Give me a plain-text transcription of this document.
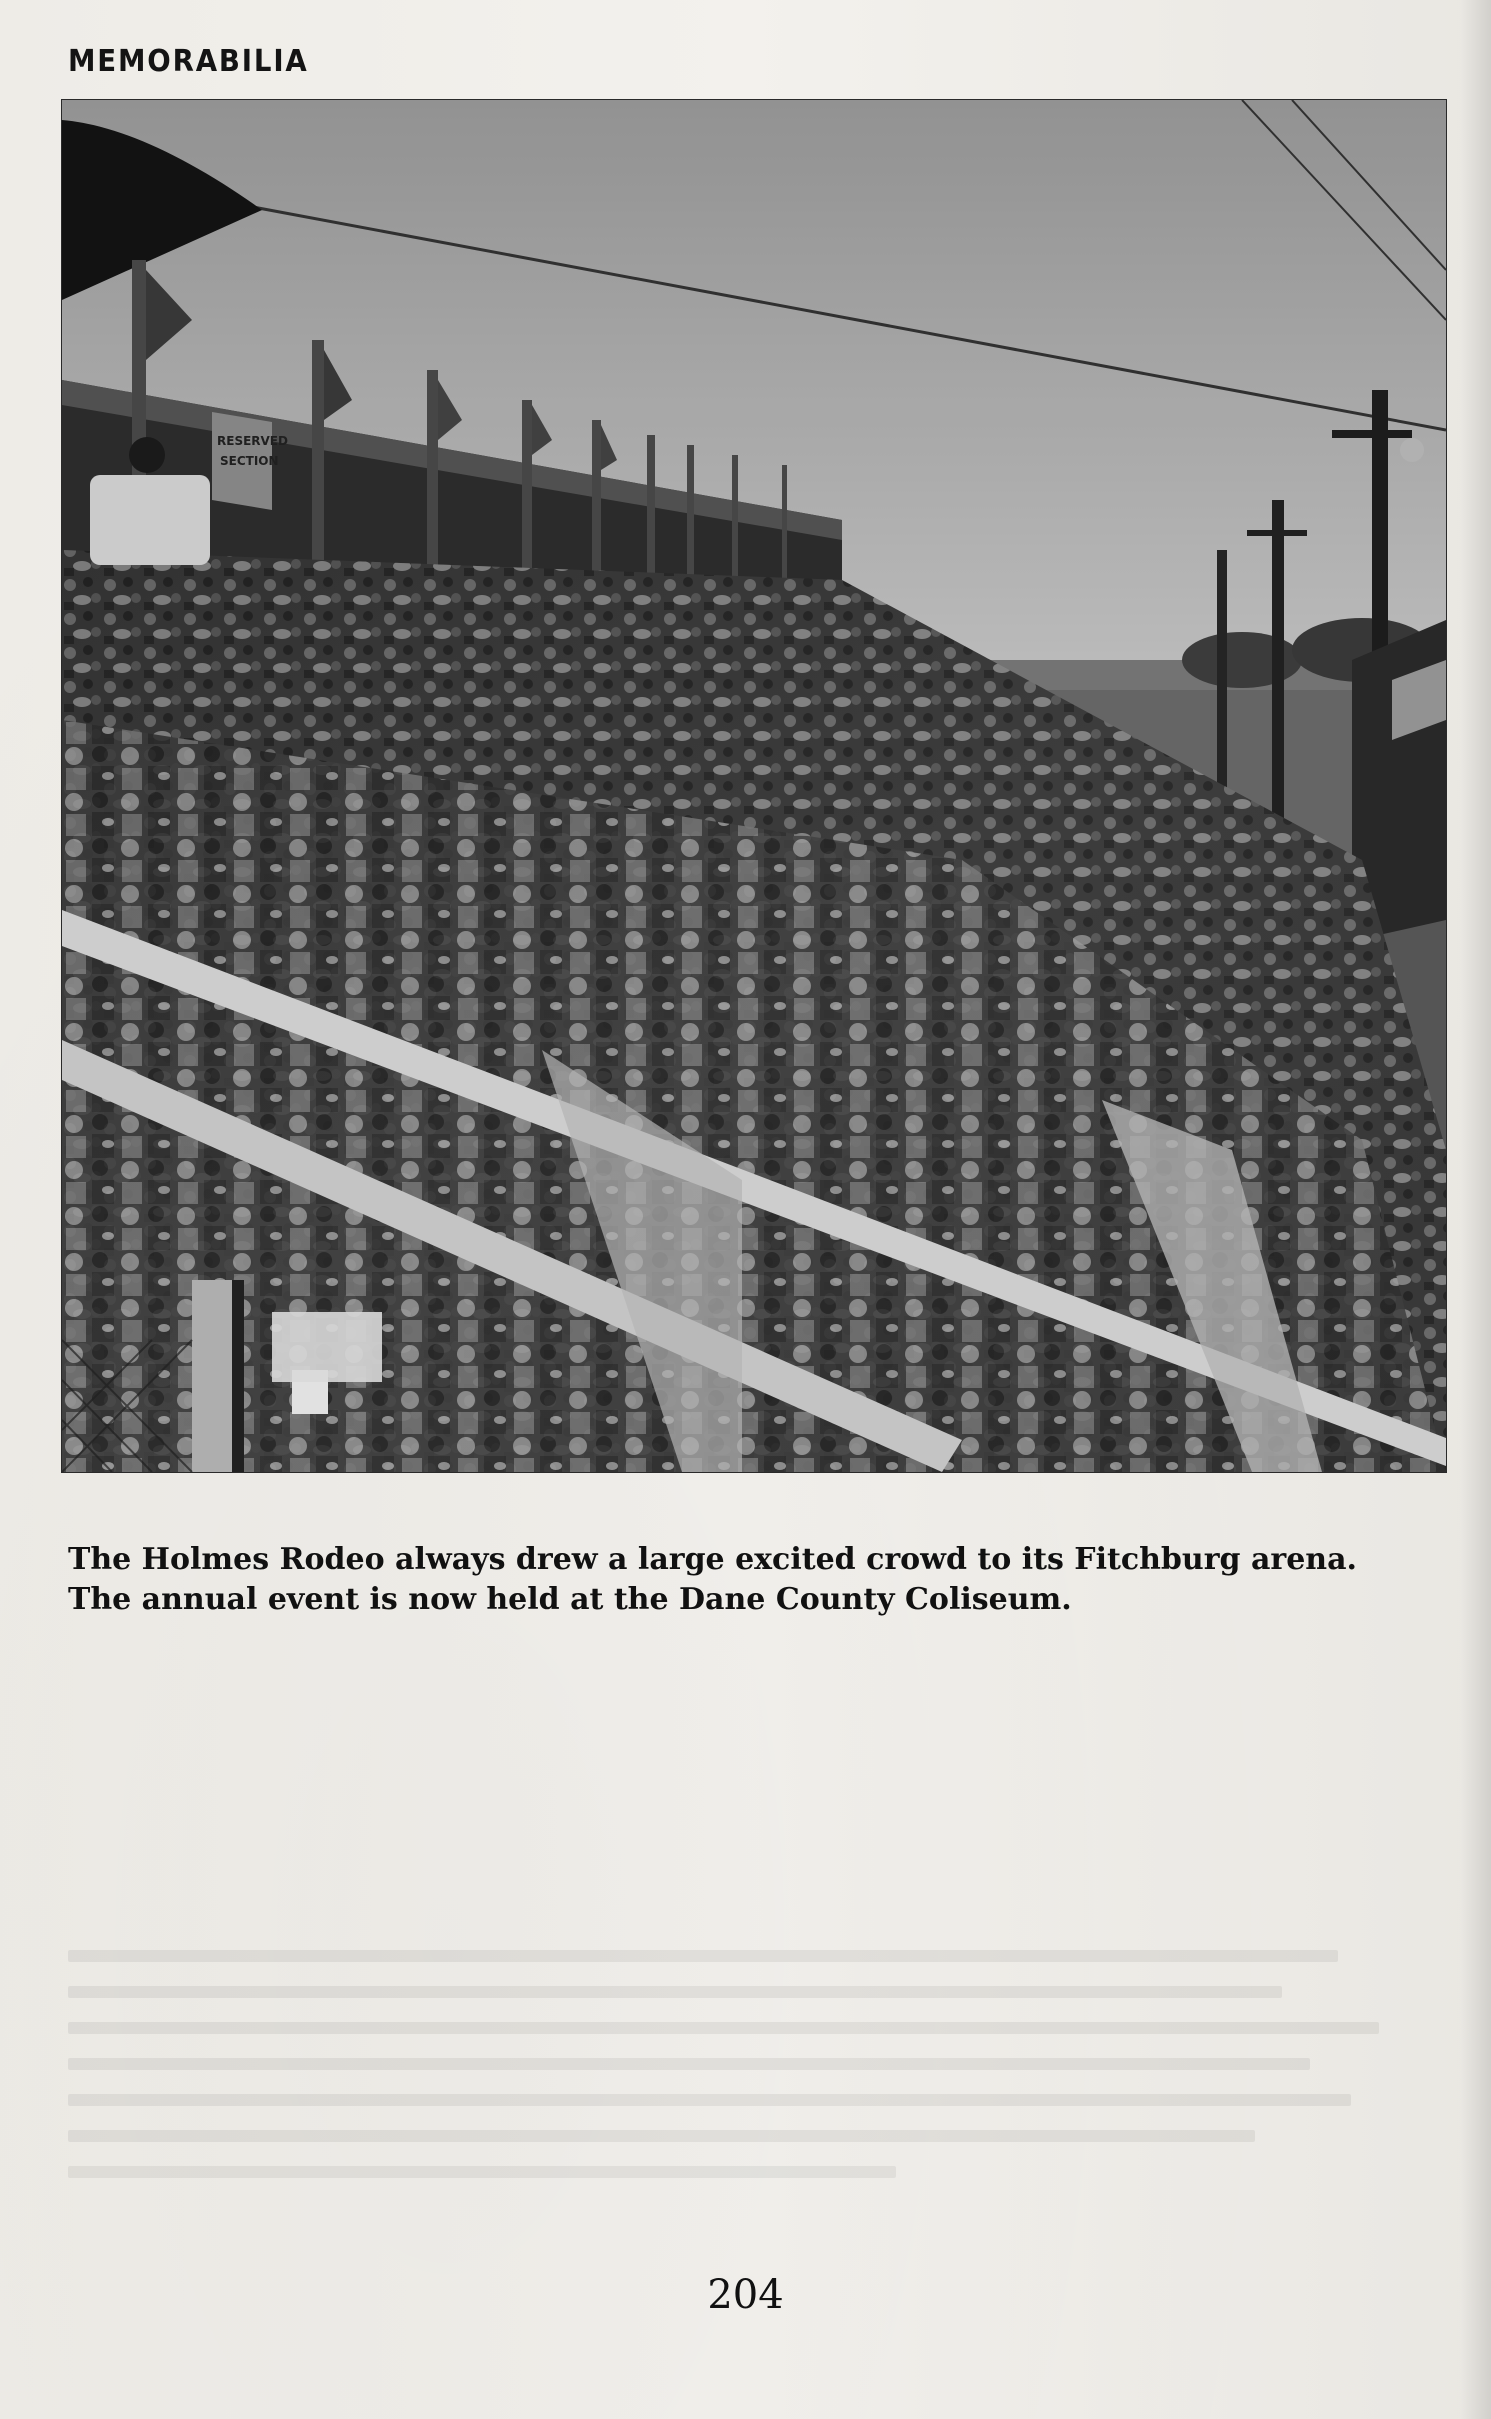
MEMORABILIA
RESERVED
SECTION

The Holmes Rodeo always drew a large excited crowd to its Fitchburg arena.

The annual event is now held at the Dane County Coliseum.

204
